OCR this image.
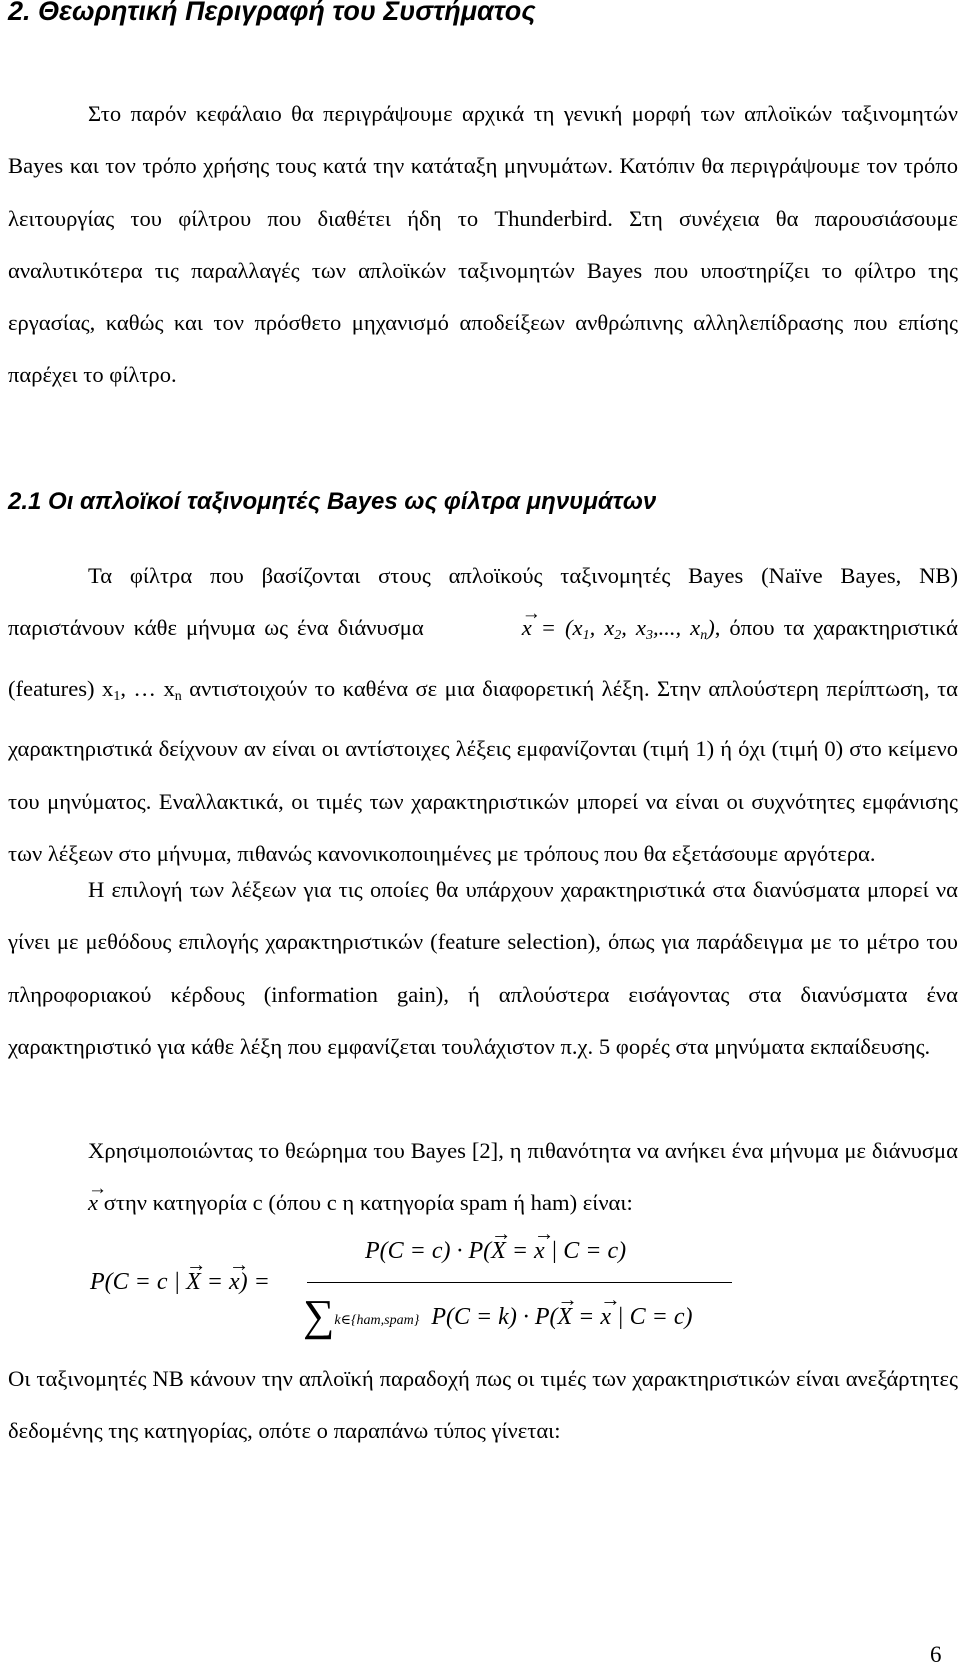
2. Θεωρητική Περιγραφή του Συστήματος

Στο παρόν κεφάλαιο θα περιγράψουμε αρχικά τη γενική μορφή των απλοϊκών ταξινομητών Bayes και τον τρόπο χρήσης τους κατά την κατάταξη μηνυμάτων. Κατόπιν θα περιγράψουμε τον τρόπο λειτουργίας του φίλτρου που διαθέτει ήδη το Thunderbird. Στη συνέχεια θα παρουσιάσουμε αναλυτικότερα τις παραλλαγές των απλοϊκών ταξινομητών Bayes που υποστηρίζει το φίλτρο της εργασίας, καθώς και τον πρόσθετο μηχανισμό αποδείξεων ανθρώπινης αλληλεπίδρασης που επίσης παρέχει το φίλτρο.

2.1 Οι απλοϊκοί ταξινομητές Bayes ως φίλτρα μηνυμάτων

Τα φίλτρα που βασίζονται στους απλοϊκούς ταξινομητές Bayes (Naïve Bayes, NB) παριστάνουν κάθε μήνυμα ως ένα διάνυσμα  →	$x = (x_1$, $x_2$, $x_3$,..., $x_n$), όπου τα χαρακτηριστικά (features) $x_1$, … $x_n$ αντιστοιχούν το καθένα σε μια διαφορετική λέξη. Στην απλούστερη περίπτωση, τα χαρακτηριστικά δείχνουν αν είναι οι αντίστοιχες λέξεις εμφανίζονται (τιμή 1) ή όχι (τιμή 0) στο κείμενο του μηνύματος. Εναλλακτικά, οι τιμές των χαρακτηριστικών μπορεί να είναι οι συχνότητες εμφάνισης των λέξεων στο μήνυμα, πιθανώς κανονικοποιημένες με τρόπους που θα εξετάσουμε αργότερα.

Η επιλογή των λέξεων για τις οποίες θα υπάρχουν χαρακτηριστικά στα διανύσματα μπορεί να γίνει με μεθόδους επιλογής χαρακτηριστικών (feature selection), όπως για παράδειγμα με το μέτρο του πληροφοριακού κέρδους (information gain), ή απλούστερα εισάγοντας στα διανύσματα ένα χαρακτηριστικό για κάθε λέξη που εμφανίζεται τουλάχιστον π.χ. 5 φορές στα μηνύματα εκπαίδευσης.

Χρησιμοποιώντας το θεώρημα του Bayes [2], η πιθανότητα να ανήκει ένα μήνυμα με διάνυσμα → x στην κατηγορία c (όπου c η κατηγορία spam ή ham) είναι:

P(C = c | → X = → x) =
P(C = c) · P(→ X = → x | C = c)
∑k∈{ham,spam} P(C = k) · P(→ X = → x | C = c)

Οι ταξινομητές NB κάνουν την απλοϊκή παραδοχή πως οι τιμές των χαρακτηριστικών είναι ανεξάρτητες δεδομένης της κατηγορίας, οπότε ο παραπάνω τύπος γίνεται:

6
